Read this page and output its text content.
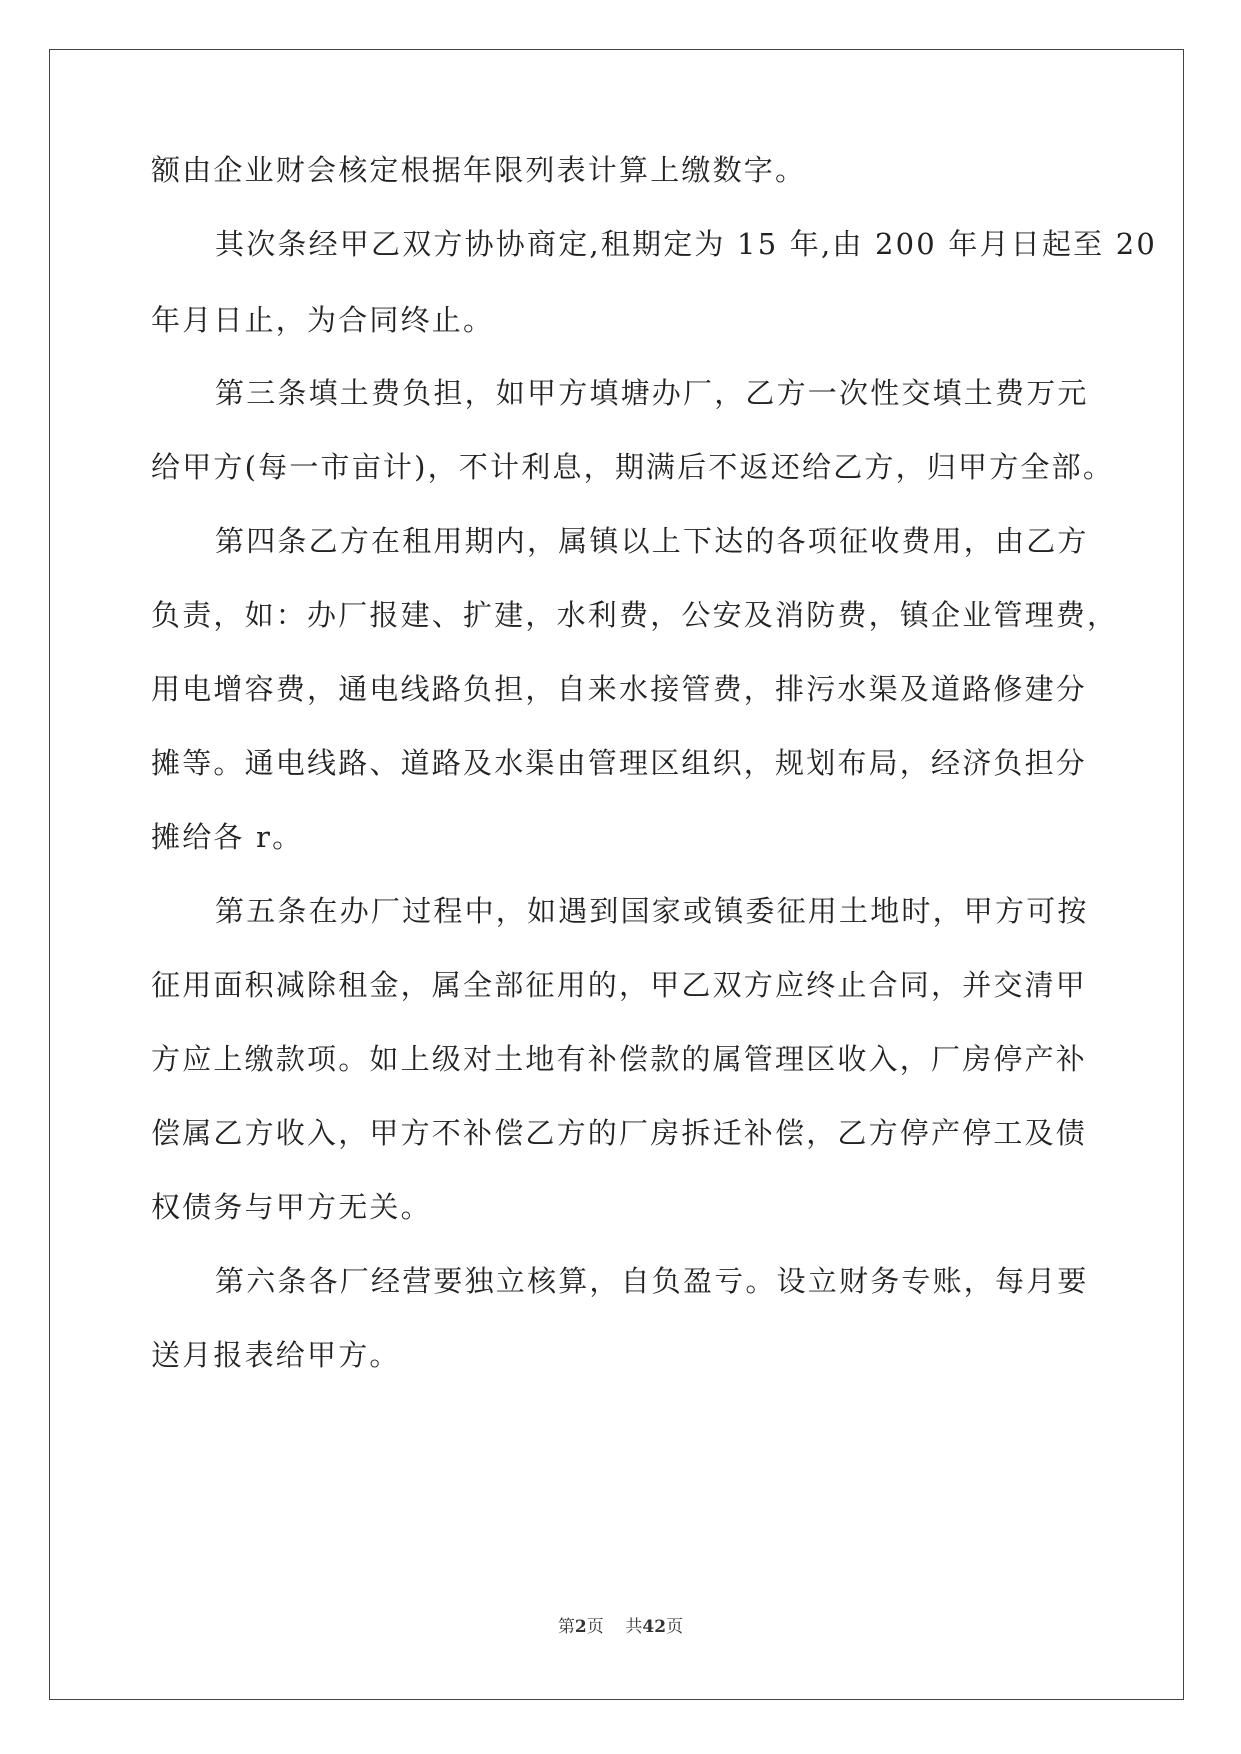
额由企业财会核定根据年限列表计算上缴数字。
其次条经甲乙双方协协商定,租期定为 15 年,由 200 年月日起至 20
年月日止，为合同终止。
第三条填土费负担，如甲方填塘办厂，乙方一次性交填土费万元
给甲方(每一市亩计)，不计利息，期满后不返还给乙方，归甲方全部。
第四条乙方在租用期内，属镇以上下达的各项征收费用，由乙方
负责，如：办厂报建、扩建，水利费，公安及消防费，镇企业管理费，
用电增容费，通电线路负担，自来水接管费，排污水渠及道路修建分
摊等。通电线路、道路及水渠由管理区组织，规划布局，经济负担分
摊给各 r。
第五条在办厂过程中，如遇到国家或镇委征用土地时，甲方可按
征用面积减除租金，属全部征用的，甲乙双方应终止合同，并交清甲
方应上缴款项。如上级对土地有补偿款的属管理区收入，厂房停产补
偿属乙方收入，甲方不补偿乙方的厂房拆迁补偿，乙方停产停工及债
权债务与甲方无关。
第六条各厂经营要独立核算，自负盈亏。设立财务专账，每月要
送月报表给甲方。
第2页 共42页
